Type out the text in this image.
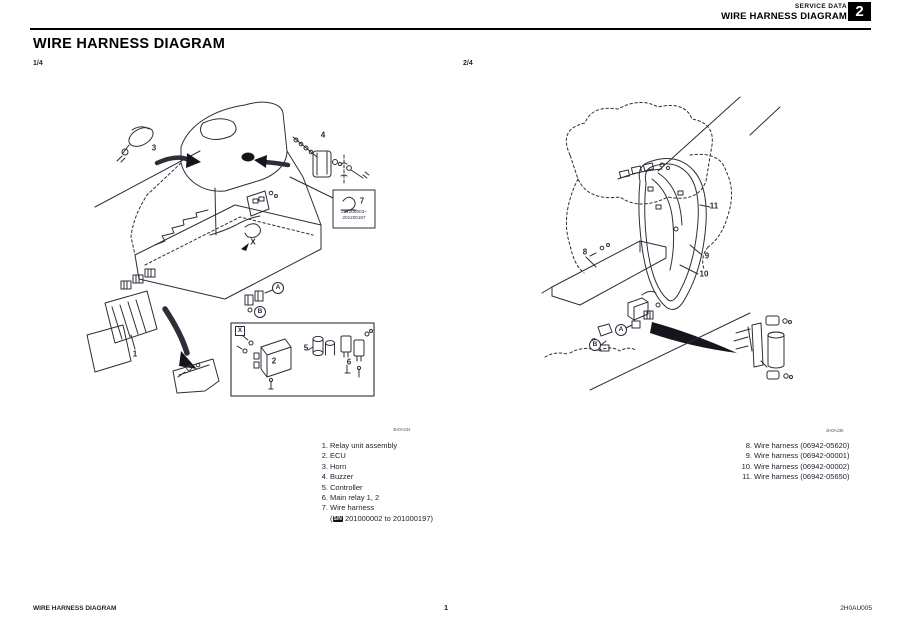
SERVICE DATA
WIRE HARNESS DIAGRAM 2
WIRE HARNESS DIAGRAM
1/4	2/4
3
4
7
201200003~
201200197
X
A
B
1
X
2
5
6
2H0A234
11
8	9
10
A
B
2H0A235
1. Relay unit assembly
2. ECU
3. Horn
4. Buzzer
5. Controller
6. Main relay 1, 2
7. Wire harness
(S/N 201000002 to 201000197)
8. Wire harness (06942-05620)
9. Wire harness (06942-00001)
10. Wire harness (06942-00002)
11. Wire harness (06942-05650)
WIRE HARNESS DIAGRAM	1	2H0AU005
